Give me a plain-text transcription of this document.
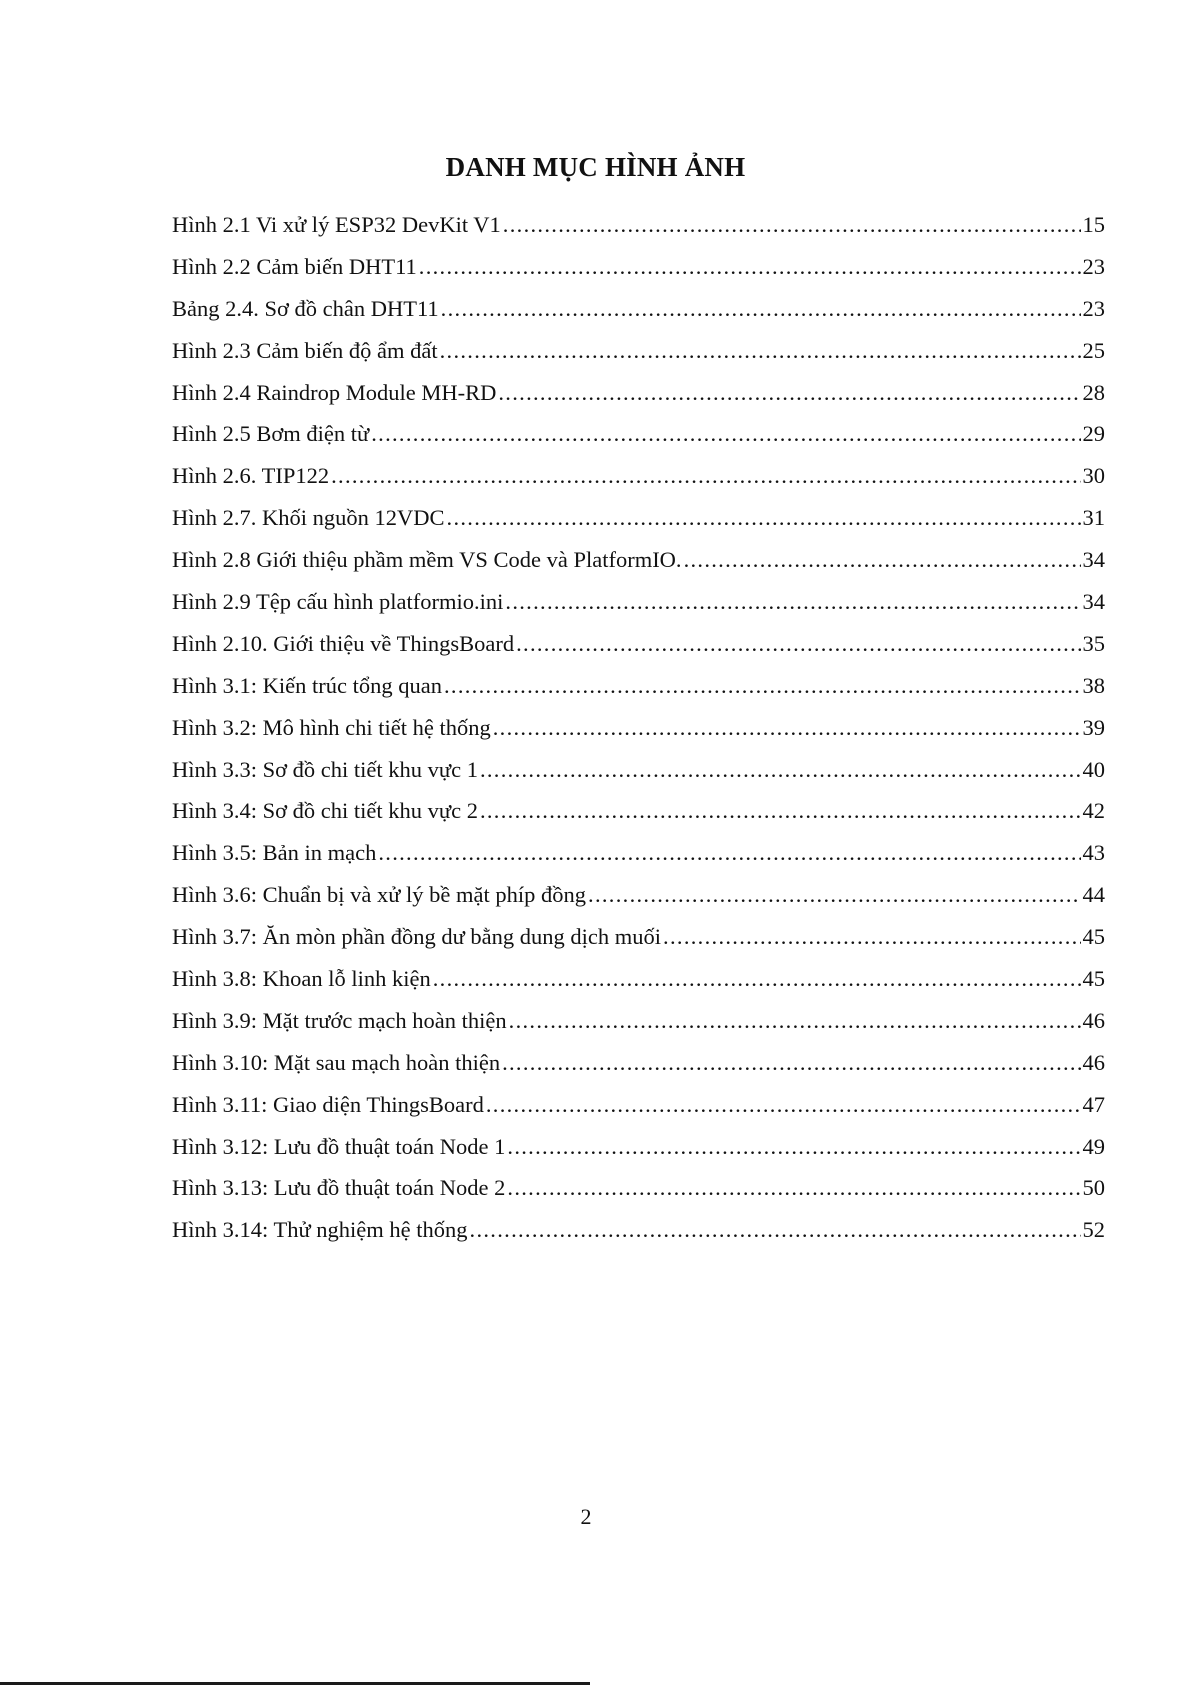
DANH MỤC HÌNH ẢNH
Hình 2.1 Vi xử lý ESP32 DevKit V1 .....	15
Hình 2.2 Cảm biến DHT11 .....	23
Bảng 2.4. Sơ đồ chân DHT11 .....	23
Hình 2.3 Cảm biến độ ẩm đất .....	25
Hình 2.4 Raindrop Module MH-RD .....	28
Hình 2.5 Bơm điện từ .....	29
Hình 2.6. TIP122 .....	30
Hình 2.7. Khối nguồn 12VDC .....	31
Hình 2.8 Giới thiệu phầm mềm VS Code và PlatformIO. .....	34
Hình 2.9 Tệp cấu hình platformio.ini .....	34
Hình 2.10. Giới thiệu về ThingsBoard .....	35
Hình 3.1: Kiến trúc tổng quan .....	38
Hình 3.2: Mô hình chi tiết hệ thống .....	39
Hình 3.3: Sơ đồ chi tiết khu vực 1 .....	40
Hình 3.4: Sơ đồ chi tiết khu vực 2 .....	42
Hình 3.5: Bản in mạch .....	43
Hình 3.6: Chuẩn bị và xử lý bề mặt phíp đồng .....	44
Hình 3.7: Ăn mòn phần đồng dư bằng dung dịch muối .....	45
Hình 3.8: Khoan lỗ linh kiện .....	45
Hình 3.9: Mặt trước mạch hoàn thiện .....	46
Hình 3.10: Mặt sau mạch hoàn thiện .....	46
Hình 3.11: Giao diện ThingsBoard .....	47
Hình 3.12: Lưu đồ thuật toán Node 1 .....	49
Hình 3.13: Lưu đồ thuật toán Node 2 .....	50
Hình 3.14: Thử nghiệm hệ thống .....	52
2
